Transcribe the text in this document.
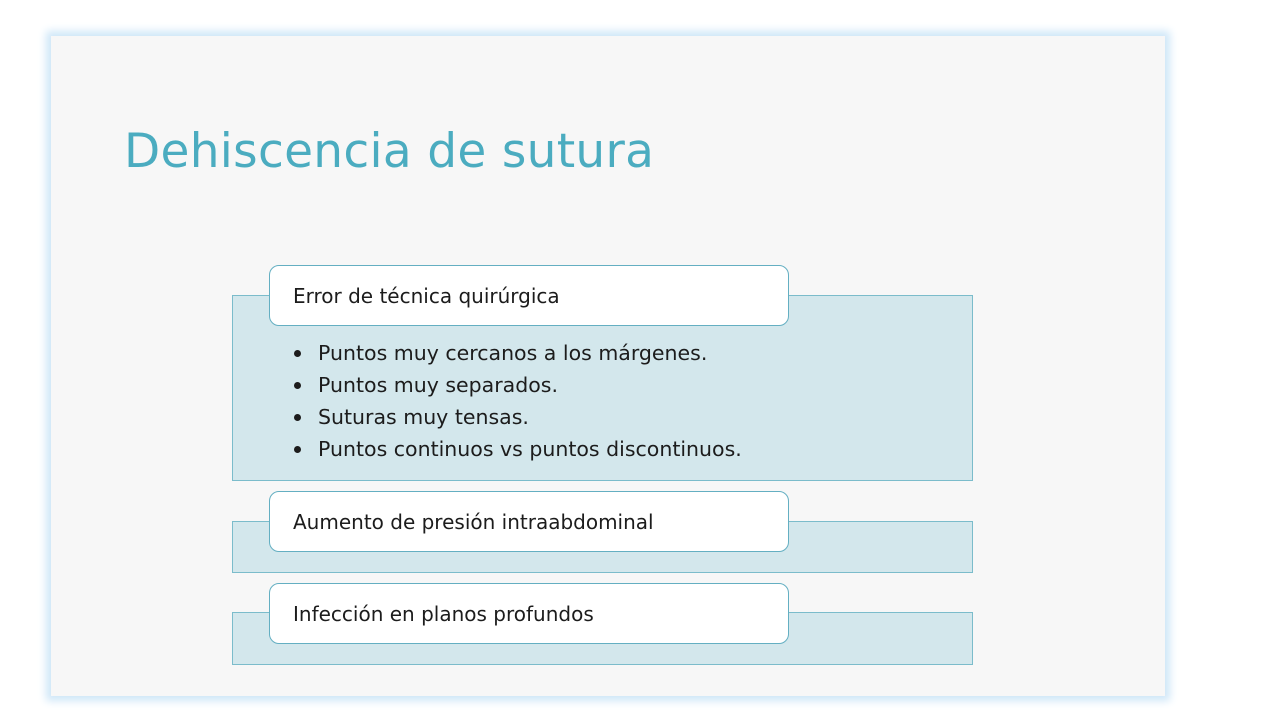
Dehiscencia de sutura
Error de técnica quirúrgica
Puntos muy cercanos a los márgenes.
Puntos muy separados.
Suturas muy tensas.
Puntos continuos vs puntos discontinuos.
Aumento de presión intraabdominal
Infección en planos profundos
